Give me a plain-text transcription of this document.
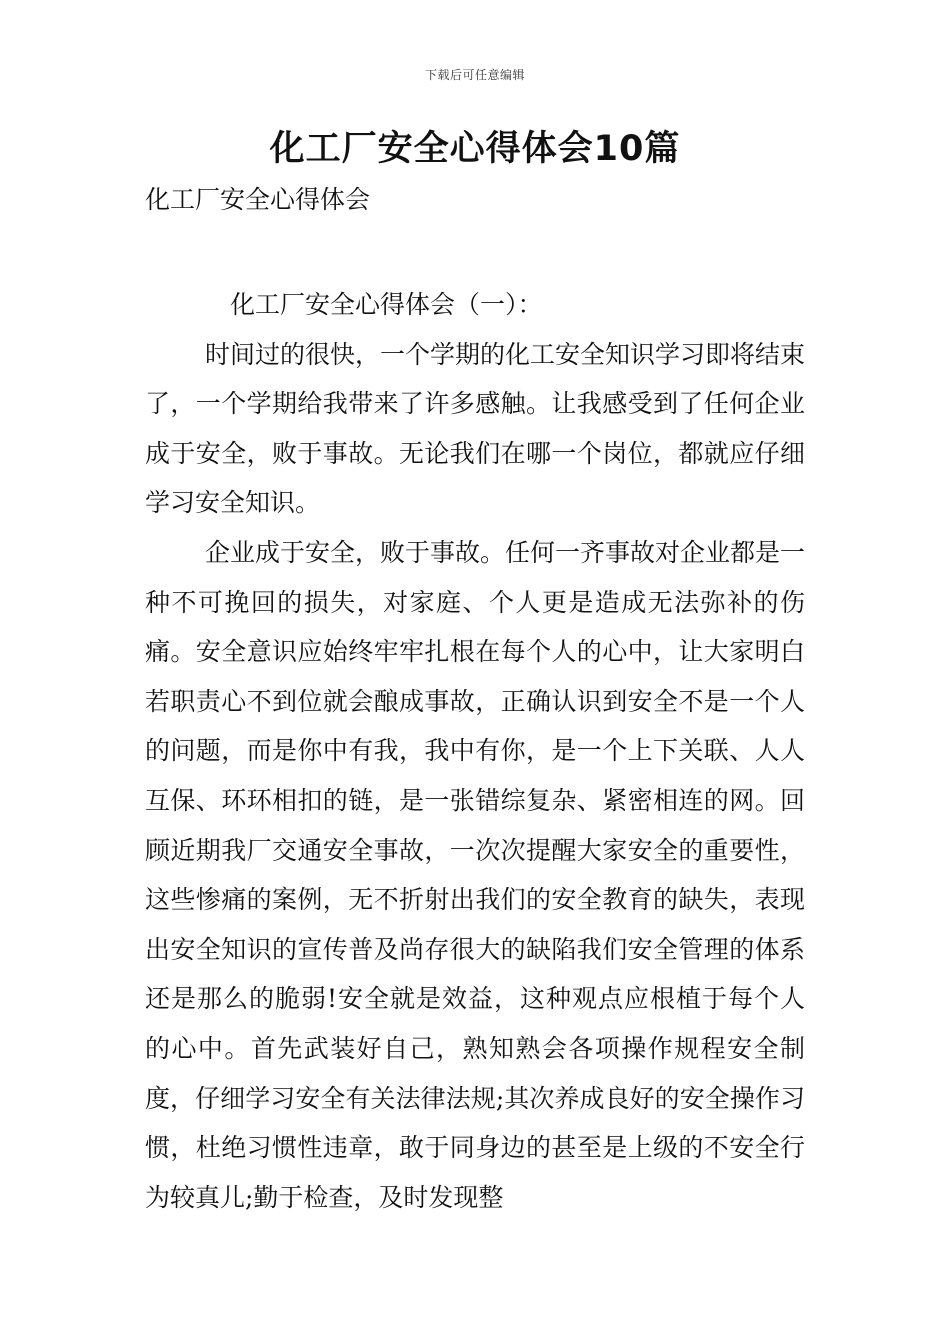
下载后可任意编辑
化工厂安全心得体会10篇
化工厂安全心得体会

化工厂安全心得体会（一）：

时间过的很快，一个学期的化工安全知识学习即将结束了，一个学期给我带来了许多感触。让我感受到了任何企业成于安全，败于事故。无论我们在哪一个岗位，都就应仔细学习安全知识。

企业成于安全，败于事故。任何一齐事故对企业都是一种不可挽回的损失，对家庭、个人更是造成无法弥补的伤痛。安全意识应始终牢牢扎根在每个人的心中，让大家明白若职责心不到位就会酿成事故，正确认识到安全不是一个人的问题，而是你中有我，我中有你，是一个上下关联、人人互保、环环相扣的链，是一张错综复杂、紧密相连的网。回顾近期我厂交通安全事故，一次次提醒大家安全的重要性，这些惨痛的案例，无不折射出我们的安全教育的缺失，表现出安全知识的宣传普及尚存很大的缺陷我们安全管理的体系还是那么的脆弱!安全就是效益，这种观点应根植于每个人的心中。首先武装好自己，熟知熟会各项操作规程安全制度，仔细学习安全有关法律法规;其次养成良好的安全操作习惯，杜绝习惯性违章，敢于同身边的甚至是上级的不安全行为较真儿;勤于检查，及时发现整
